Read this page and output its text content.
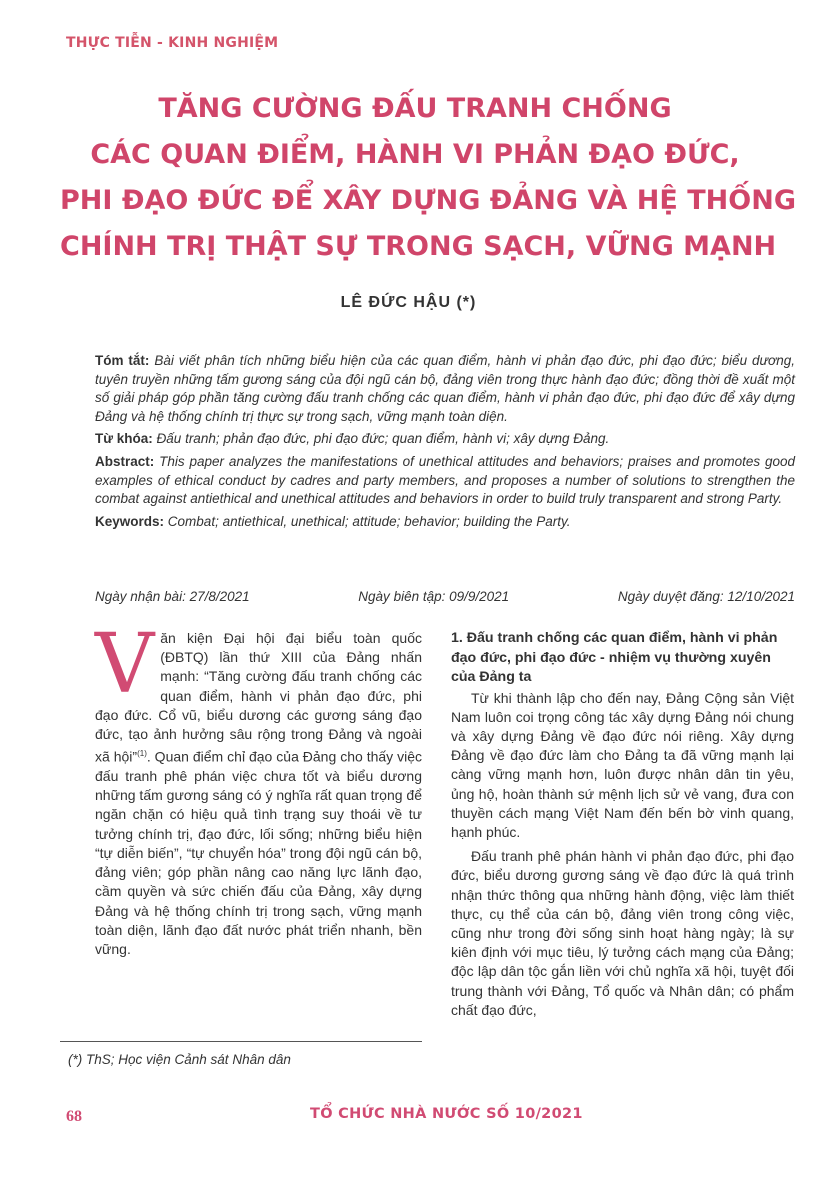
THỰC TIỄN - KINH NGHIỆM
TĂNG CƯỜNG ĐẤU TRANH CHỐNG
CÁC QUAN ĐIỂM, HÀNH VI PHẢN ĐẠO ĐỨC,
PHI ĐẠO ĐỨC ĐỂ XÂY DỰNG ĐẢNG VÀ HỆ THỐNG
CHÍNH TRỊ THẬT SỰ TRONG SẠCH, VỮNG MẠNH
LÊ ĐỨC HẬU (*)

Tóm tắt: Bài viết phân tích những biểu hiện của các quan điểm, hành vi phản đạo đức, phi đạo đức; biểu dương, tuyên truyền những tấm gương sáng của đội ngũ cán bộ, đảng viên trong thực hành đạo đức; đồng thời đề xuất một số giải pháp góp phần tăng cường đấu tranh chống các quan điểm, hành vi phản đạo đức, phi đạo đức để xây dựng Đảng và hệ thống chính trị thực sự trong sạch, vững mạnh toàn diện.

Từ khóa: Đấu tranh; phản đạo đức, phi đạo đức; quan điểm, hành vi; xây dựng Đảng.

Abstract: This paper analyzes the manifestations of unethical attitudes and behaviors; praises and promotes good examples of ethical conduct by cadres and party members, and proposes a number of solutions to strengthen the combat against antiethical and unethical attitudes and behaviors in order to build truly transparent and strong Party.

Keywords: Combat; antiethical, unethical; attitude; behavior; building the Party.

Ngày nhận bài: 27/8/2021	Ngày biên tập: 09/9/2021	Ngày duyệt đăng: 12/10/2021

V ăn kiện Đại hội đại biểu toàn quốc (ĐBTQ) lần thứ XIII của Đảng nhấn mạnh: “Tăng cường đấu tranh chống các quan điểm, hành vi phản đạo đức, phi đạo đức. Cổ vũ, biểu dương các gương sáng đạo đức, tạo ảnh hưởng sâu rộng trong Đảng và ngoài xã hội”$^{(1)}$. Quan điểm chỉ đạo của Đảng cho thấy việc đấu tranh phê phán việc chưa tốt và biểu dương những tấm gương sáng có ý nghĩa rất quan trọng để ngăn chặn có hiệu quả tình trạng suy thoái về tư tưởng chính trị, đạo đức, lối sống; những biểu hiện “tự diễn biến”, “tự chuyển hóa” trong đội ngũ cán bộ, đảng viên; góp phần nâng cao năng lực lãnh đạo, cầm quyền và sức chiến đấu của Đảng, xây dựng Đảng và hệ thống chính trị trong sạch, vững mạnh toàn diện, lãnh đạo đất nước phát triển nhanh, bền vững.

1. Đấu tranh chống các quan điểm, hành vi phản đạo đức, phi đạo đức - nhiệm vụ thường xuyên của Đảng ta

Từ khi thành lập cho đến nay, Đảng Cộng sản Việt Nam luôn coi trọng công tác xây dựng Đảng nói chung và xây dựng Đảng về đạo đức nói riêng. Xây dựng Đảng về đạo đức làm cho Đảng ta đã vững mạnh lại càng vững mạnh hơn, luôn được nhân dân tin yêu, ủng hộ, hoàn thành sứ mệnh lịch sử vẻ vang, đưa con thuyền cách mạng Việt Nam đến bến bờ vinh quang, hạnh phúc.

Đấu tranh phê phán hành vi phản đạo đức, phi đạo đức, biểu dương gương sáng về đạo đức là quá trình nhận thức thông qua những hành động, việc làm thiết thực, cụ thể của cán bộ, đảng viên trong công việc, cũng như trong đời sống sinh hoạt hàng ngày; là sự kiên định với mục tiêu, lý tưởng cách mạng của Đảng; độc lập dân tộc gắn liền với chủ nghĩa xã hội, tuyệt đối trung thành với Đảng, Tổ quốc và Nhân dân; có phẩm chất đạo đức,

(*) ThS; Học viện Cảnh sát Nhân dân
68	TỔ CHỨC NHÀ NƯỚC SỐ 10/2021
